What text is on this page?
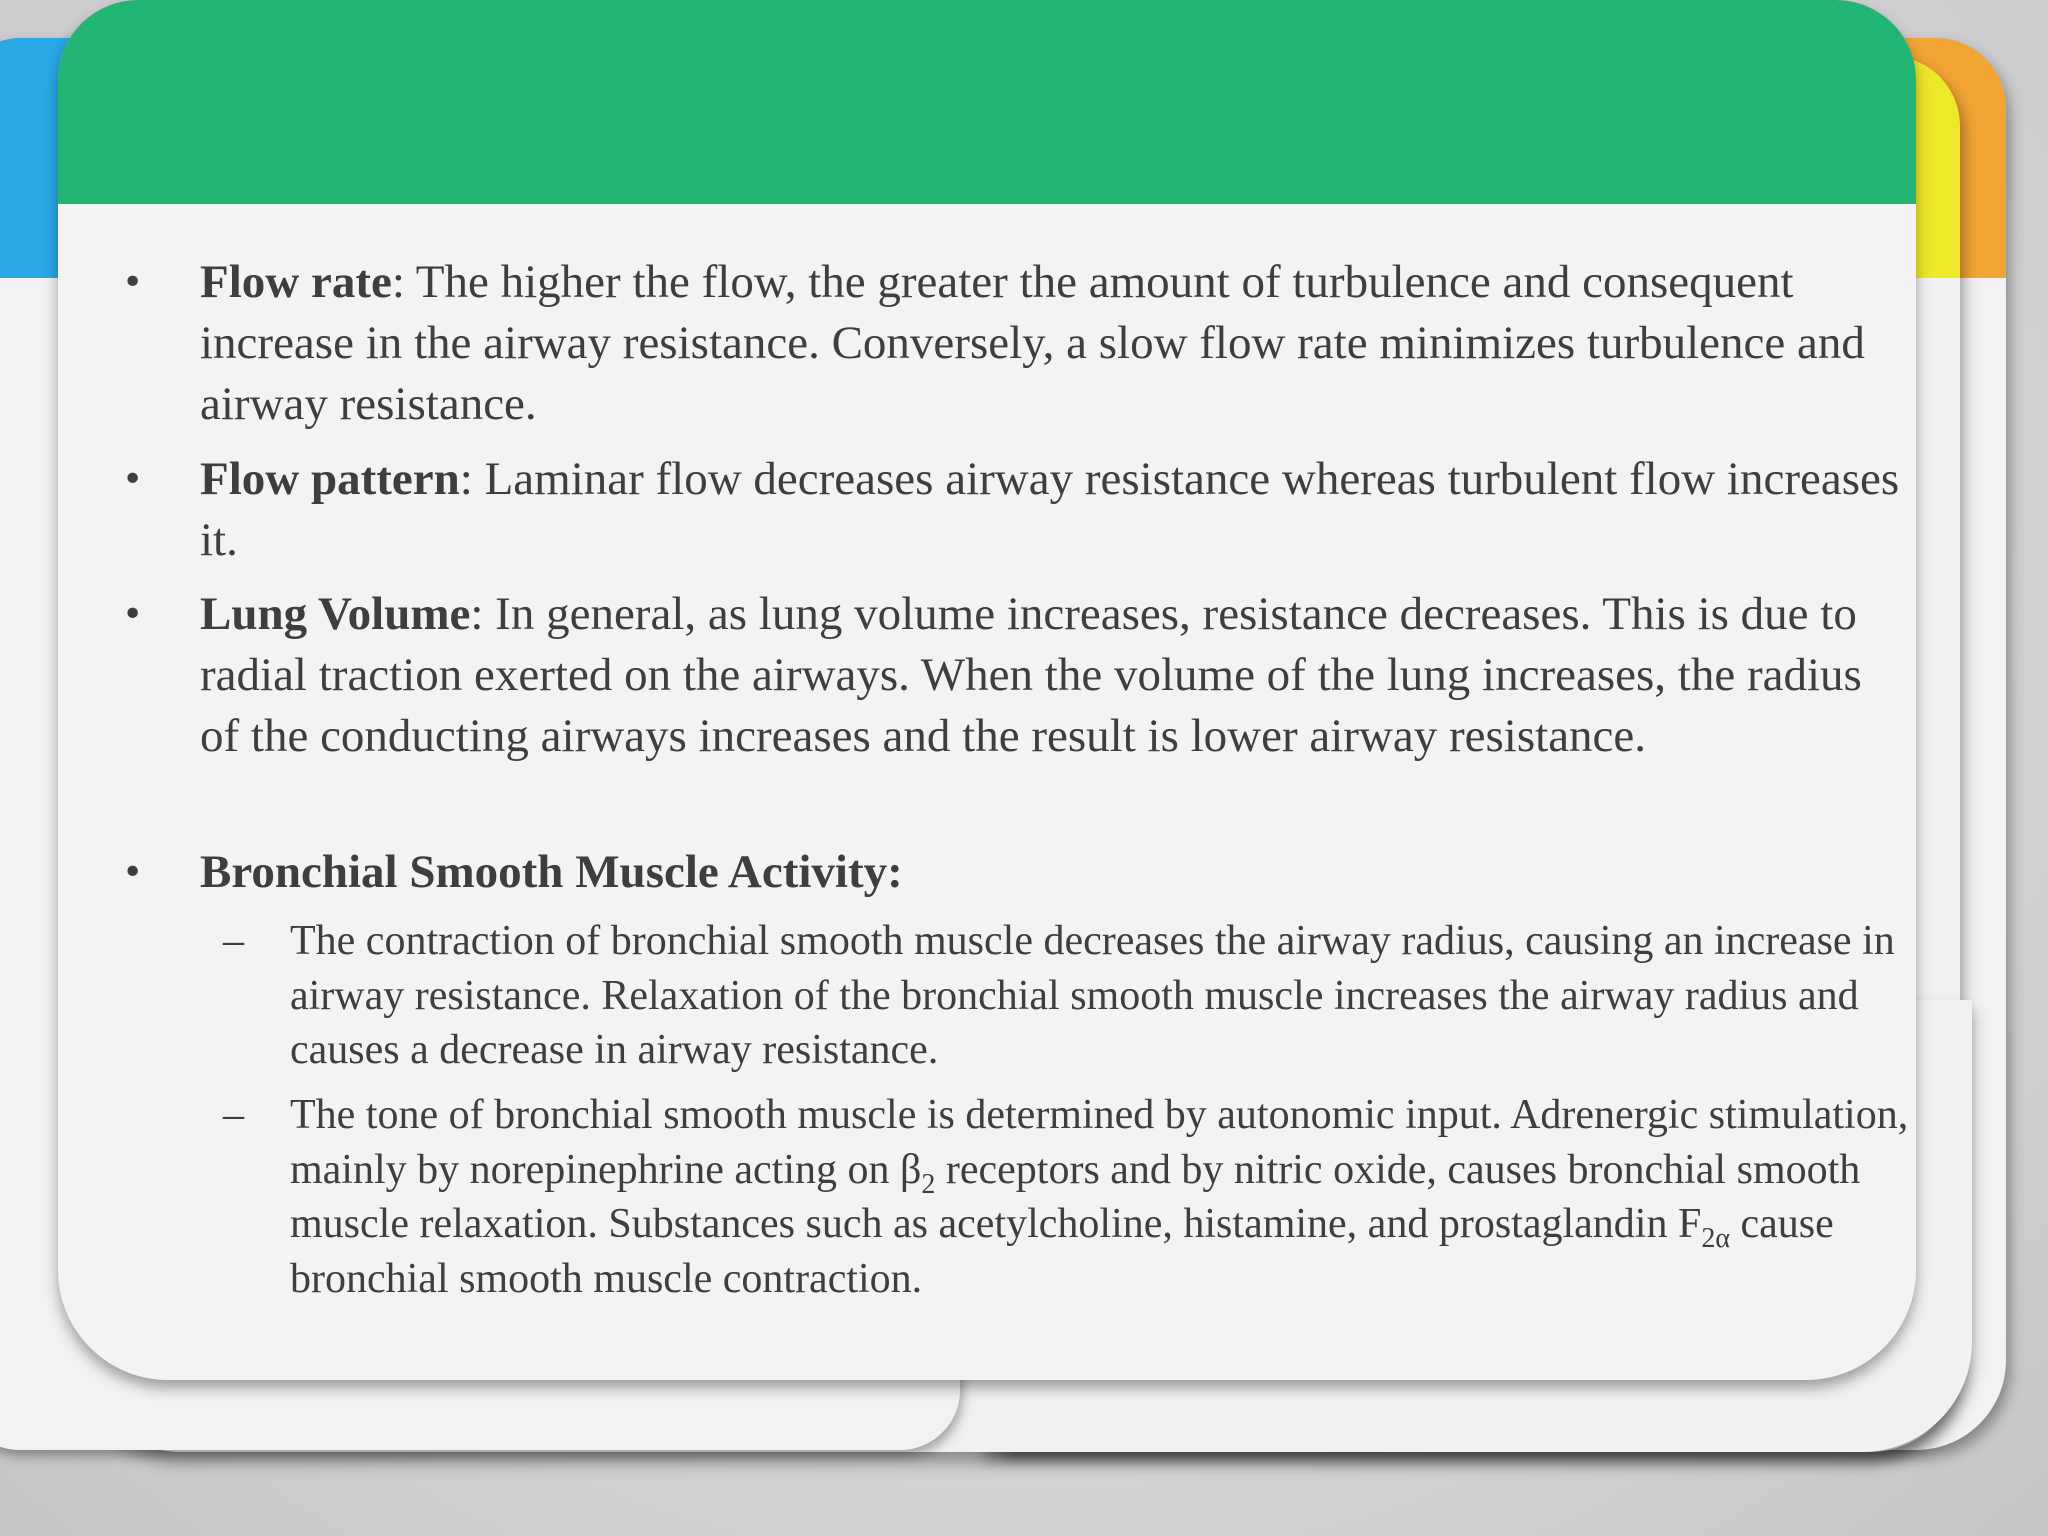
• Flow rate: The higher the flow, the greater the amount of turbulence and consequent increase in the airway resistance. Conversely, a slow flow rate minimizes turbulence and airway resistance.
• Flow pattern: Laminar flow decreases airway resistance whereas turbulent flow increases it.
• Lung Volume: In general, as lung volume increases, resistance decreases. This is due to radial traction exerted on the airways. When the volume of the lung increases, the radius of the conducting airways increases and the result is lower airway resistance.
• Bronchial Smooth Muscle Activity:
– The contraction of bronchial smooth muscle decreases the airway radius, causing an increase in airway resistance. Relaxation of the bronchial smooth muscle increases the airway radius and causes a decrease in airway resistance.
– The tone of bronchial smooth muscle is determined by autonomic input. Adrenergic stimulation, mainly by norepinephrine acting on $\beta_2$ receptors and by nitric oxide, causes bronchial smooth muscle relaxation. Substances such as acetylcholine, histamine, and prostaglandin $F_{2\alpha}$ cause bronchial smooth muscle contraction.
